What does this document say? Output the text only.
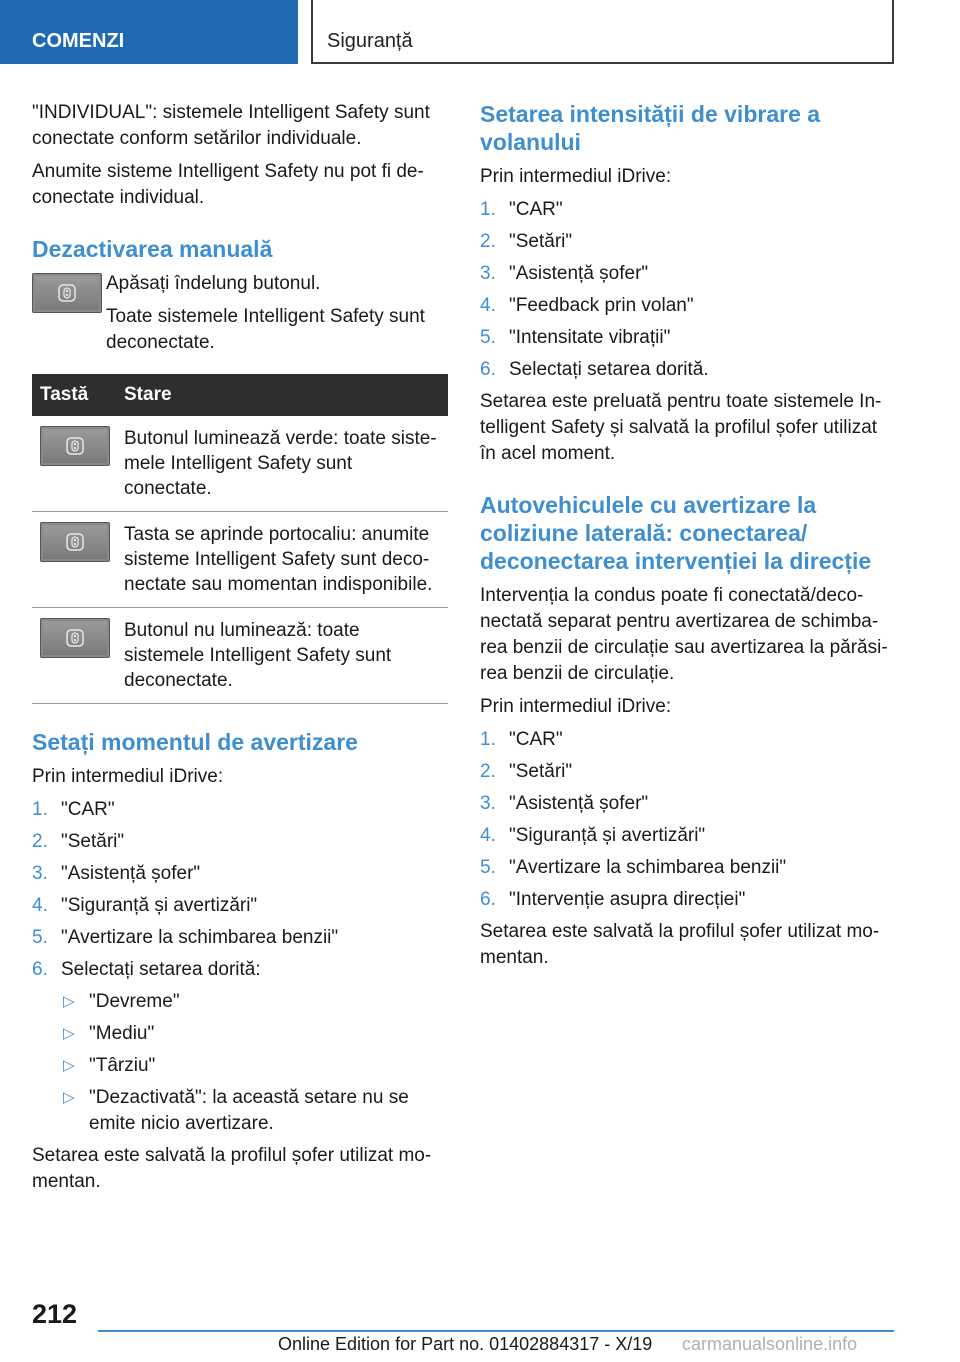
COMENZI	Siguranță

"INDIVIDUAL": sistemele Intelligent Safety sunt conectate conform setărilor individuale.

Anumite sisteme Intelligent Safety nu pot fi de-conectate individual.

Dezactivarea manuală

Apăsați îndelung butonul.

Toate sistemele Intelligent Safety sunt deconectate.

Tastă	Stare

	Butonul luminează verde: toate siste-mele Intelligent Safety sunt conectate.

	Tasta se aprinde portocaliu: anumite sisteme Intelligent Safety sunt deco-nectate sau momentan indisponibile.

	Butonul nu luminează: toate sistemele Intelligent Safety sunt deconectate.
Setați momentul de avertizare

Prin intermediul iDrive:

1. "CAR"
2. "Setări"
3. "Asistență șofer"
4. "Siguranță și avertizări"
5. "Avertizare la schimbarea benzii"
6. Selectați setarea dorită:
▷ "Devreme"
▷ "Mediu"
▷ "Târziu"
▷ "Dezactivată": la această setare nu se emite nicio avertizare.

Setarea este salvată la profilul șofer utilizat mo-mentan.

Setarea intensității de vibrare a volanului

Prin intermediul iDrive:

1. "CAR"
2. "Setări"
3. "Asistență șofer"
4. "Feedback prin volan"
5. "Intensitate vibrații"
6. Selectați setarea dorită.

Setarea este preluată pentru toate sistemele In-telligent Safety și salvată la profilul șofer utilizat în acel moment.

Autovehiculele cu avertizare la coliziune laterală: conectarea/ deconectarea intervenției la direcție

Intervenția la condus poate fi conectată/deco-nectată separat pentru avertizarea de schimba-rea benzii de circulație sau avertizarea la părăsi-rea benzii de circulație.

Prin intermediul iDrive:

1. "CAR"
2. "Setări"
3. "Asistență șofer"
4. "Siguranță și avertizări"
5. "Avertizare la schimbarea benzii"
6. "Intervenție asupra direcției"

Setarea este salvată la profilul șofer utilizat mo-mentan.

212
Online Edition for Part no. 01402884317 - X/19 carmanualsonline.info
